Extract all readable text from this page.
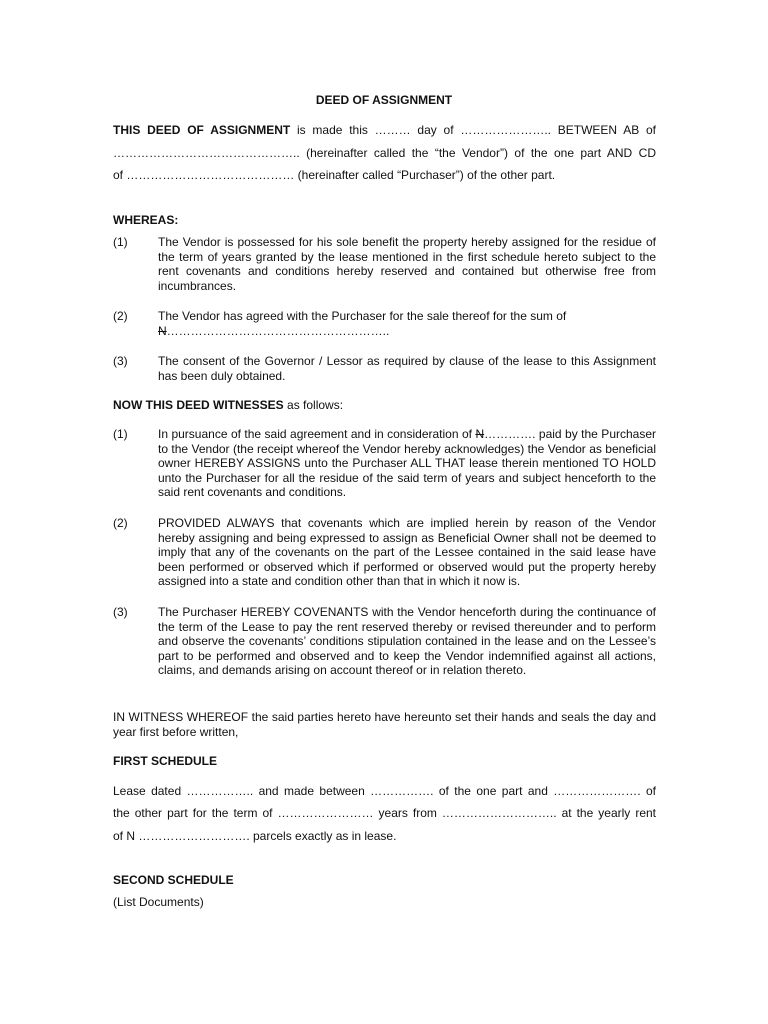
DEED OF ASSIGNMENT

THIS DEED OF ASSIGNMENT is made this ……… day of ………………….. BETWEEN AB of

……………………………………….. (hereinafter called the “the Vendor”) of the one part AND CD

of …………………………………… (hereinafter called “Purchaser”) of the other part.

WHEREAS:

(1)	The Vendor is possessed for his sole benefit the property hereby assigned for the residue of the term of years granted by the lease mentioned in the first schedule hereto subject to the rent covenants and conditions hereby reserved and contained but otherwise free from incumbrances.

(2)	The Vendor has agreed with the Purchaser for the sale thereof for the sum of
N………………………………………………..

(3)	The consent of the Governor / Lessor as required by clause of the lease to this Assignment has been duly obtained.

NOW THIS DEED WITNESSES as follows:

(1)	In pursuance of the said agreement and in consideration of N…………. paid by the Purchaser to the Vendor (the receipt whereof the Vendor hereby acknowledges) the Vendor as beneficial owner HEREBY ASSIGNS unto the Purchaser ALL THAT lease therein mentioned TO HOLD unto the Purchaser for all the residue of the said term of years and subject henceforth to the said rent covenants and conditions.

(2)	PROVIDED ALWAYS that covenants which are implied herein by reason of the Vendor hereby assigning and being expressed to assign as Beneficial Owner shall not be deemed to imply that any of the covenants on the part of the Lessee contained in the said lease have been performed or observed which if performed or observed would put the property hereby assigned into a state and condition other than that in which it now is.

(3)	The Purchaser HEREBY COVENANTS with the Vendor henceforth during the continuance of the term of the Lease to pay the rent reserved thereby or revised thereunder and to perform and observe the covenants’ conditions stipulation contained in the lease and on the Lessee’s part to be performed and observed and to keep the Vendor indemnified against all actions, claims, and demands arising on account thereof or in relation thereto.

IN WITNESS WHEREOF the said parties hereto have hereunto set their hands and seals the day and year first before written,

FIRST SCHEDULE

Lease dated …………….. and made between ……………. of the one part and …………………. of

the other part for the term of …………………… years from ……………………….. at the yearly rent

of N ………………………. parcels exactly as in lease.

SECOND SCHEDULE

(List Documents)
